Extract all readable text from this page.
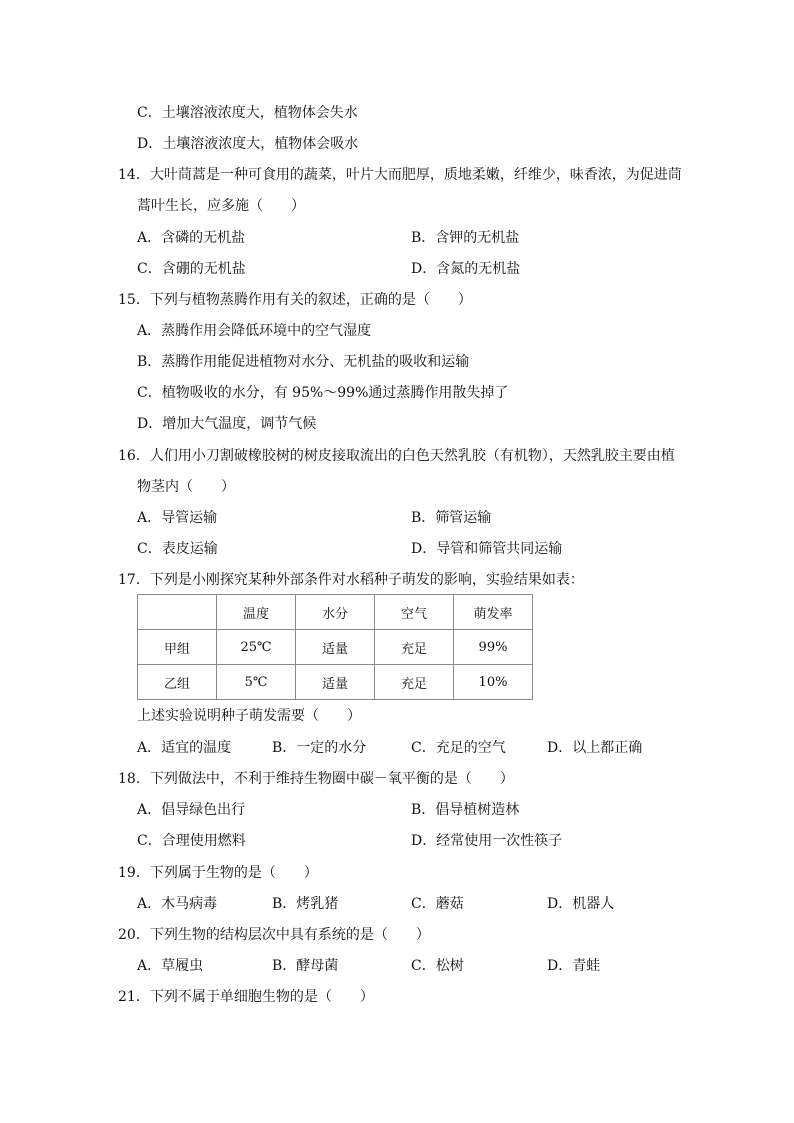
C．土壤溶液浓度大，植物体会失水
D．土壤溶液浓度大，植物体会吸水
14．大叶茼蒿是一种可食用的蔬菜，叶片大而肥厚，质地柔嫩，纤维少，味香浓，为促进茼
蒿叶生长，应多施（　　）
A．含磷的无机盐	B．含钾的无机盐
C．含硼的无机盐	D．含氮的无机盐
15．下列与植物蒸腾作用有关的叙述，正确的是（　　）
A．蒸腾作用会降低环境中的空气湿度
B．蒸腾作用能促进植物对水分、无机盐的吸收和运输
C．植物吸收的水分，有 95%～99%通过蒸腾作用散失掉了
D．增加大气温度，调节气候
16．人们用小刀割破橡胶树的树皮接取流出的白色天然乳胶（有机物），天然乳胶主要由植
物茎内（　　）
A．导管运输	B．筛管运输
C．表皮运输	D．导管和筛管共同运输
17．下列是小刚探究某种外部条件对水稻种子萌发的影响，实验结果如表：
	温度	水分	空气	萌发率
甲组	25℃	适量	充足	99%
乙组	5℃	适量	充足	10%
上述实验说明种子萌发需要（　　）
A．适宜的温度	B．一定的水分	C．充足的空气	D．以上都正确
18．下列做法中，不利于维持生物圈中碳－氧平衡的是（　　）
A．倡导绿色出行	B．倡导植树造林
C．合理使用燃料	D．经常使用一次性筷子
19．下列属于生物的是（　　）
A．木马病毒	B．烤乳猪	C．蘑菇	D．机器人
20．下列生物的结构层次中具有系统的是（　　）
A．草履虫	B．酵母菌	C．松树	D．青蛙
21．下列不属于单细胞生物的是（　　）
